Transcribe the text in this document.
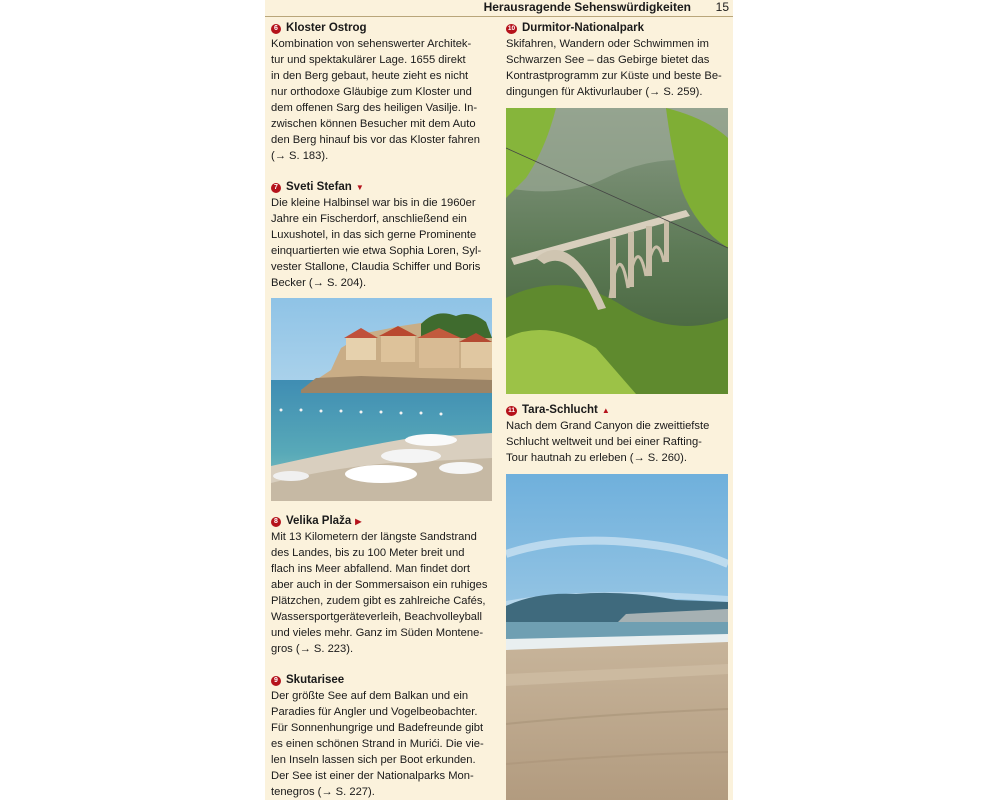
Herausragende Sehenswürdigkeiten 15
6 Kloster Ostrog
Kombination von sehenswerter Architek-
tur und spektakulärer Lage. 1655 direkt
in den Berg gebaut, heute zieht es nicht
nur orthodoxe Gläubige zum Kloster und
dem offenen Sarg des heiligen Vasilje. In-
zwischen können Besucher mit dem Auto
den Berg hinauf bis vor das Kloster fahren
(→ S. 183).
7 Sveti Stefan ▼
Die kleine Halbinsel war bis in die 1960er
Jahre ein Fischerdorf, anschließend ein
Luxushotel, in das sich gerne Prominente
einquartierten wie etwa Sophia Loren, Syl-
vester Stallone, Claudia Schiffer und Boris
Becker (→ S. 204).
8 Velika Plaža ▶
Mit 13 Kilometern der längste Sandstrand
des Landes, bis zu 100 Meter breit und
flach ins Meer abfallend. Man findet dort
aber auch in der Sommersaison ein ruhiges
Plätzchen, zudem gibt es zahlreiche Cafés,
Wassersportgeräteverleih, Beachvolleyball
und vieles mehr. Ganz im Süden Montene-
gros (→ S. 223).
9 Skutarisee
Der größte See auf dem Balkan und ein
Paradies für Angler und Vogelbeobachter.
Für Sonnenhungrige und Badefreunde gibt
es einen schönen Strand in Murići. Die vie-
len Inseln lassen sich per Boot erkunden.
Der See ist einer der Nationalparks Mon-
tenegros (→ S. 227).
10 Durmitor-Nationalpark
Skifahren, Wandern oder Schwimmen im
Schwarzen See – das Gebirge bietet das
Kontrastprogramm zur Küste und beste Be-
dingungen für Aktivurlauber (→ S. 259).
11 Tara-Schlucht ▲
Nach dem Grand Canyon die zweittiefste
Schlucht weltweit und bei einer Rafting-
Tour hautnah zu erleben (→ S. 260).
